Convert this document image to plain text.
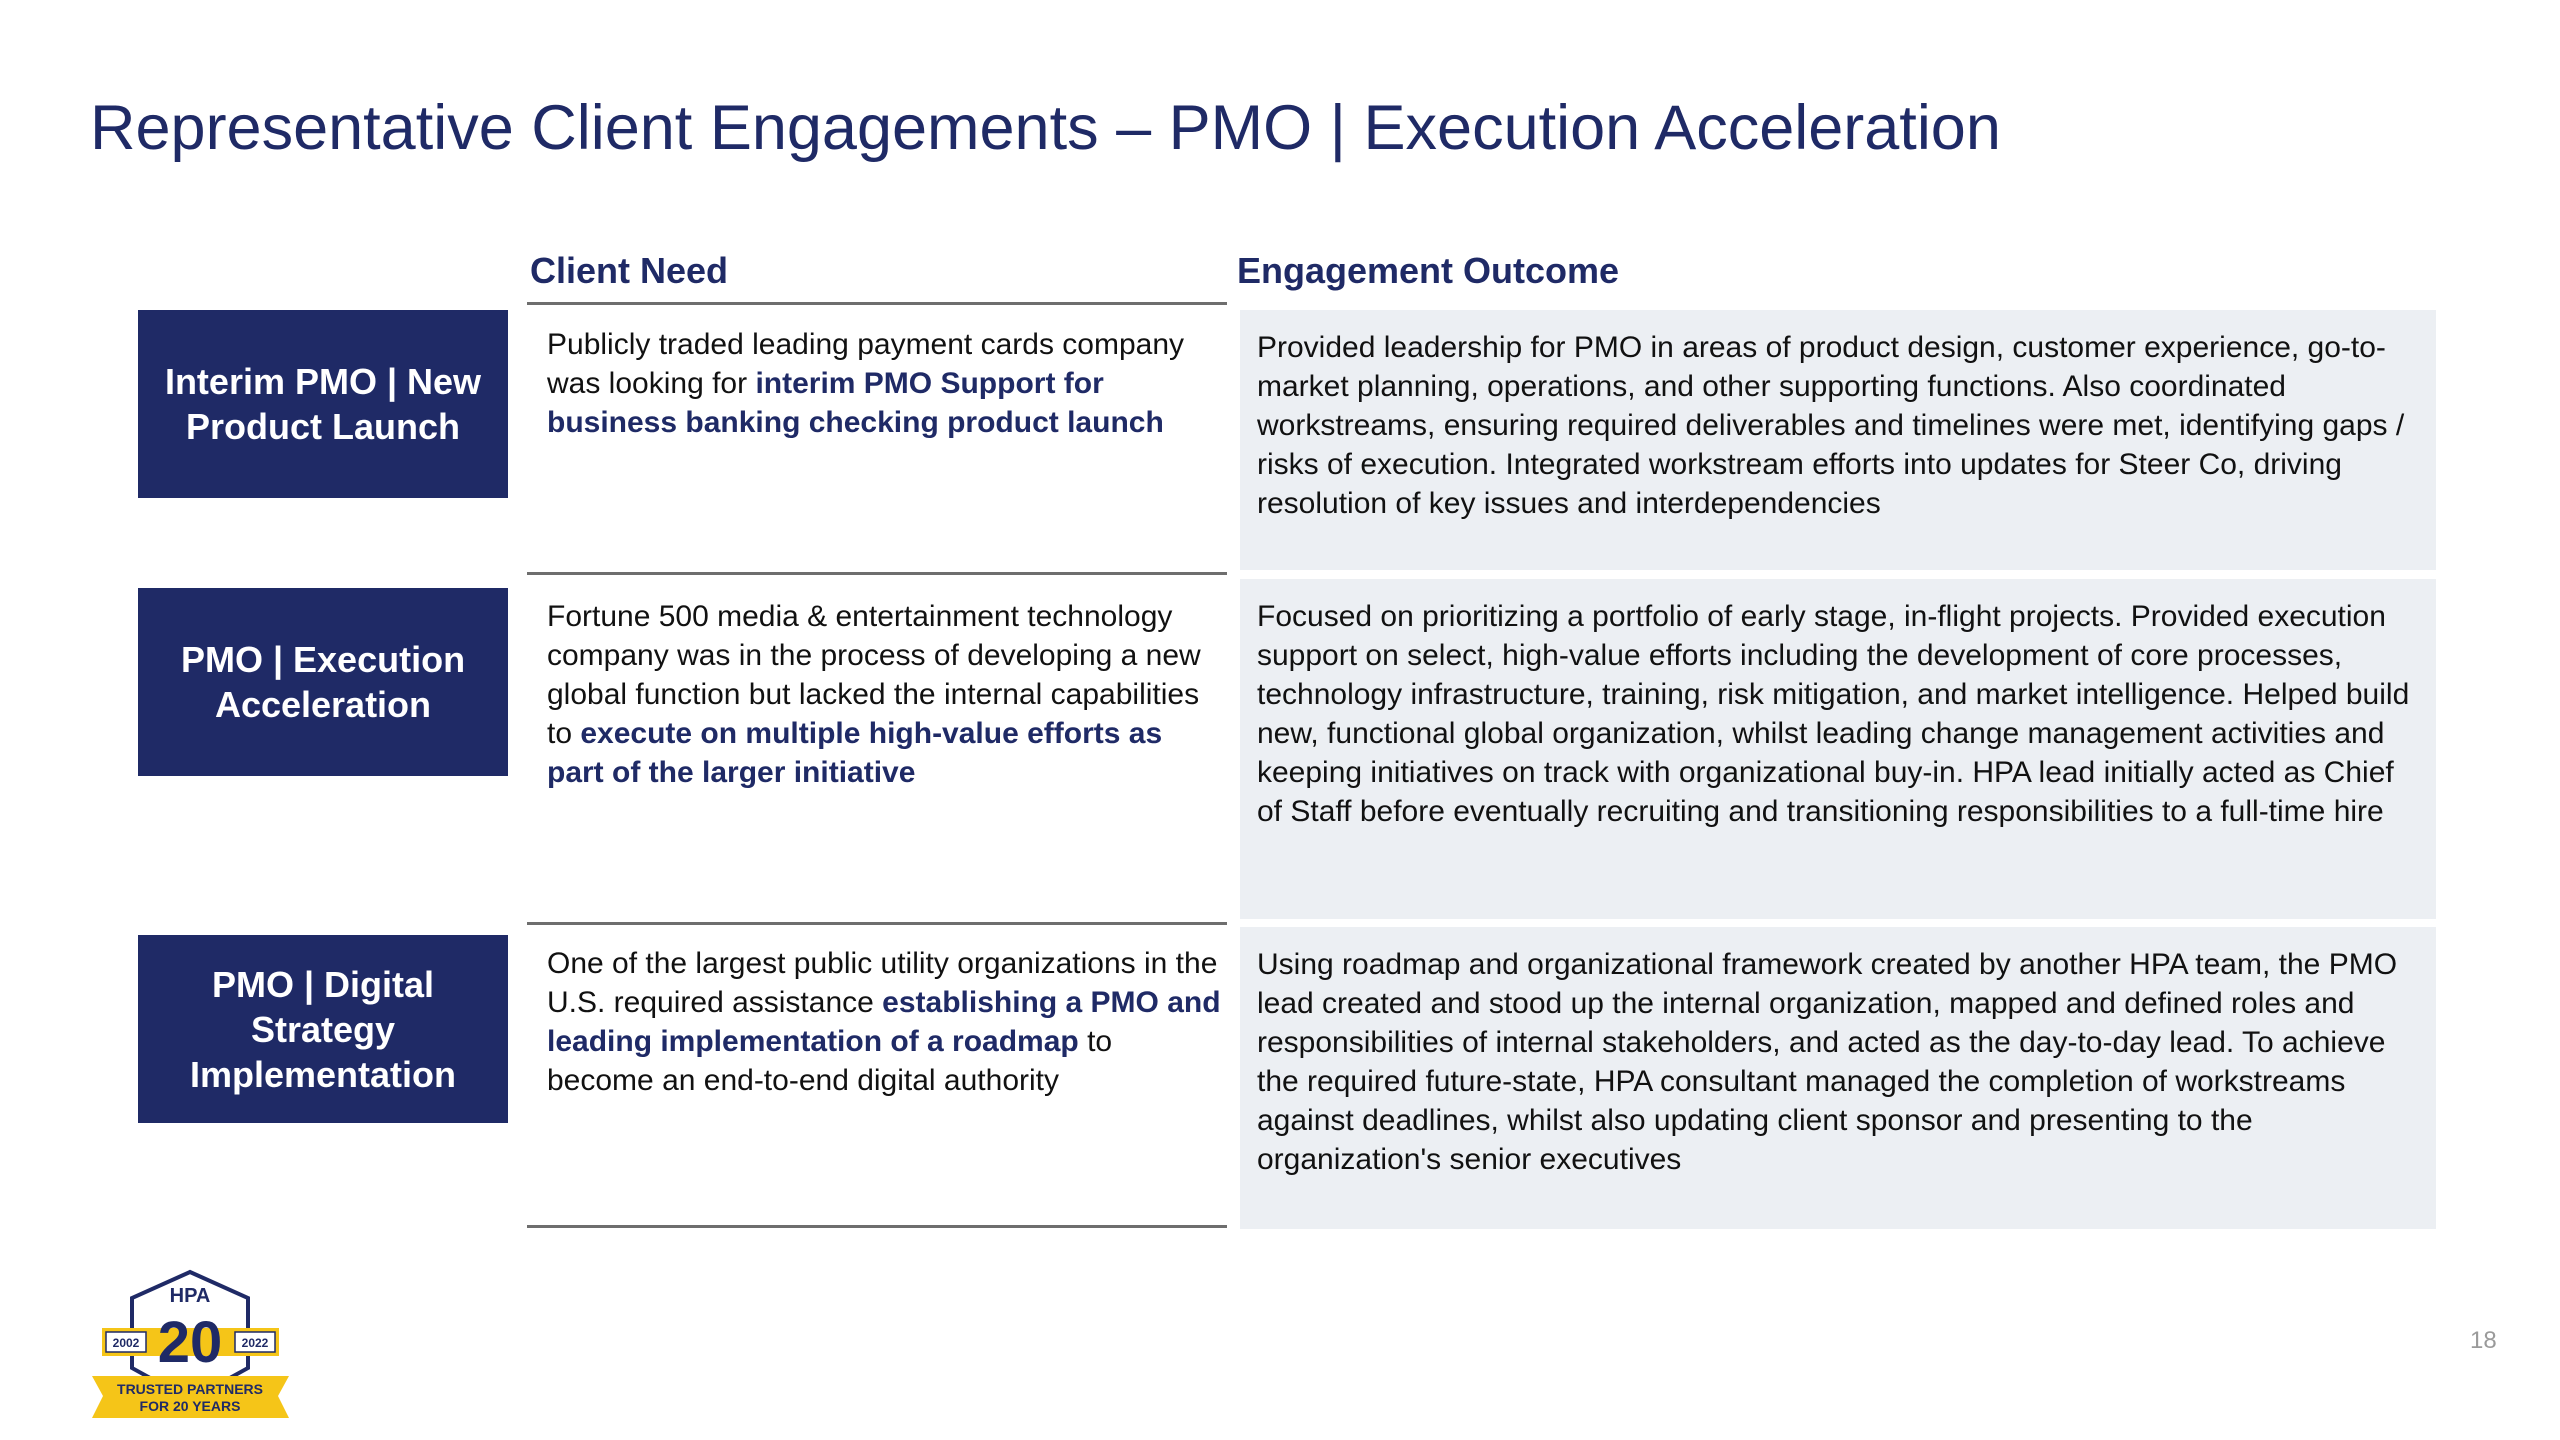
Representative Client Engagements – PMO | Execution Acceleration
Client Need	Engagement Outcome
Interim PMO | New Product Launch
Publicly traded leading payment cards company was looking for interim PMO Support for business banking checking product launch
Provided leadership for PMO in areas of product design, customer experience, go-to-market planning, operations, and other supporting functions. Also coordinated workstreams, ensuring required deliverables and timelines were met, identifying gaps / risks of execution. Integrated workstream efforts into updates for Steer Co, driving resolution of key issues and interdependencies
PMO | Execution Acceleration
Fortune 500 media & entertainment technology company was in the process of developing a new global function but lacked the internal capabilities to execute on multiple high-value efforts as part of the larger initiative
Focused on prioritizing a portfolio of early stage, in-flight projects. Provided execution support on select, high-value efforts including the development of core processes, technology infrastructure, training, risk mitigation, and market intelligence. Helped build new, functional global organization, whilst leading change management activities and keeping initiatives on track with organizational buy-in. HPA lead initially acted as Chief of Staff before eventually recruiting and transitioning responsibilities to a full-time hire
PMO | Digital Strategy Implementation
One of the largest public utility organizations in the U.S. required assistance establishing a PMO and leading implementation of a roadmap to become an end-to-end digital authority
Using roadmap and organizational framework created by another HPA team, the PMO lead created and stood up the internal organization, mapped and defined roles and responsibilities of internal stakeholders, and acted as the day-to-day lead. To achieve the required future-state, HPA consultant managed the completion of workstreams against deadlines, whilst also updating client sponsor and presenting to the organization's senior executives
18
HPA
20
2002	2022
TRUSTED PARTNERS
FOR 20 YEARS
